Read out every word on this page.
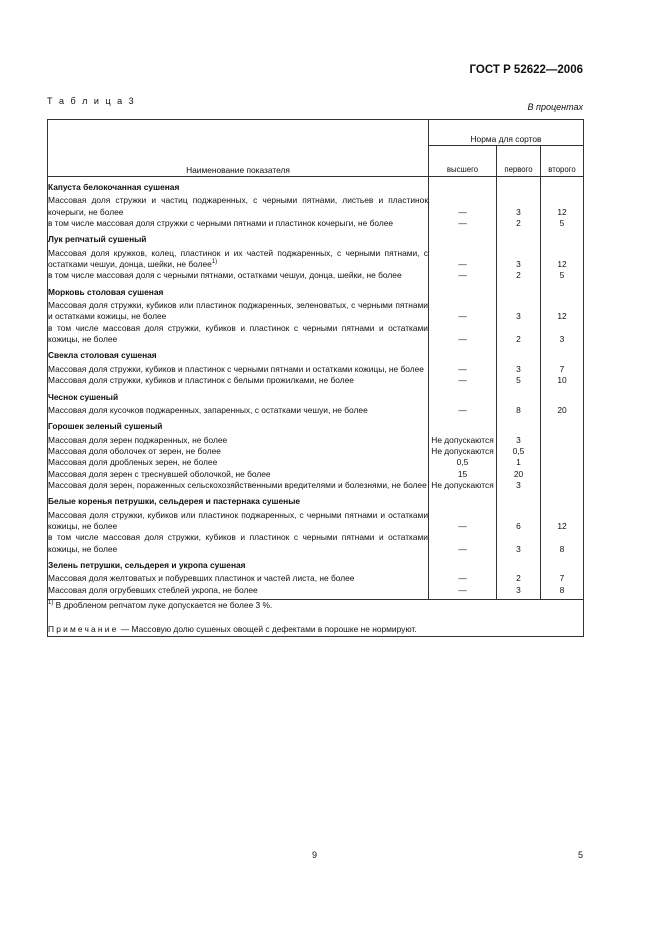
ГОСТ Р 52622—2006
Т а б л и ц а 3
В процентах
Наименование показателя	Норма для сортов		
	высшего	первого	второго
Капуста белокочанная сушеная			
Массовая доля стружки и частиц поджаренных, с черными пятнами, листьев и пластинок кочерыги, не более	—	3	12
в том числе массовая доля стружки с черными пятнами и пластинок кочерыги, не более	—	2	5
Лук репчатый сушеный			
Массовая доля кружков, колец, пластинок и их частей поджаренных, с черными пятнами, с остатками чешуи, донца, шейки, не более$^{1)}$	—	3	12
в том числе массовая доля с черными пятнами, остатками чешуи, донца, шейки, не более	—	2	5
Морковь столовая сушеная			
Массовая доля стружки, кубиков или пластинок поджаренных, зеленоватых, с черными пятнами и остатками кожицы, не более	—	3	12
в том числе массовая доля стружки, кубиков и пластинок с черными пятнами и остатками кожицы, не более	—	2	3
Свекла столовая сушеная			
Массовая доля стружки, кубиков и пластинок с черными пятнами и остатками кожицы, не более	—	3	7
Массовая доля стружки, кубиков и пластинок с белыми прожилками, не более	—	5	10
Чеснок сушеный			
Массовая доля кусочков поджаренных, запаренных, с остатками чешуи, не более	—	8	20
Горошек зеленый сушеный			
Массовая доля зерен поджаренных, не более	Не допускаются	3	
Массовая доля оболочек от зерен, не более	Не допускаются	0,5	
Массовая доля дробленых зерен, не более	0,5	1	
Массовая доля зерен с треснувшей оболочкой, не более	15	20	
Массовая доля зерен, пораженных сельскохозяйственными вредителями и болезнями, не более	Не допускаются	3	
Белые коренья петрушки, сельдерея и пастернака сушеные			
Массовая доля стружки, кубиков или пластинок поджаренных, с черными пятнами и остатками кожицы, не более	—	6	12
в том числе массовая доля стружки, кубиков и пластинок с черными пятнами и остатками кожицы, не более	—	3	8
Зелень петрушки, сельдерея и укропа сушеная			
Массовая доля желтоватых и побуревших пластинок и частей листа, не более	—	2	7
Массовая доля огрубевших стеблей укропа, не более	—	3	8

$^{1)}$ В дробленом репчатом луке допускается не более 3 %.
Примечание — Массовую долю сушеных овощей с дефектами в порошке не нормируют.			
9	5
